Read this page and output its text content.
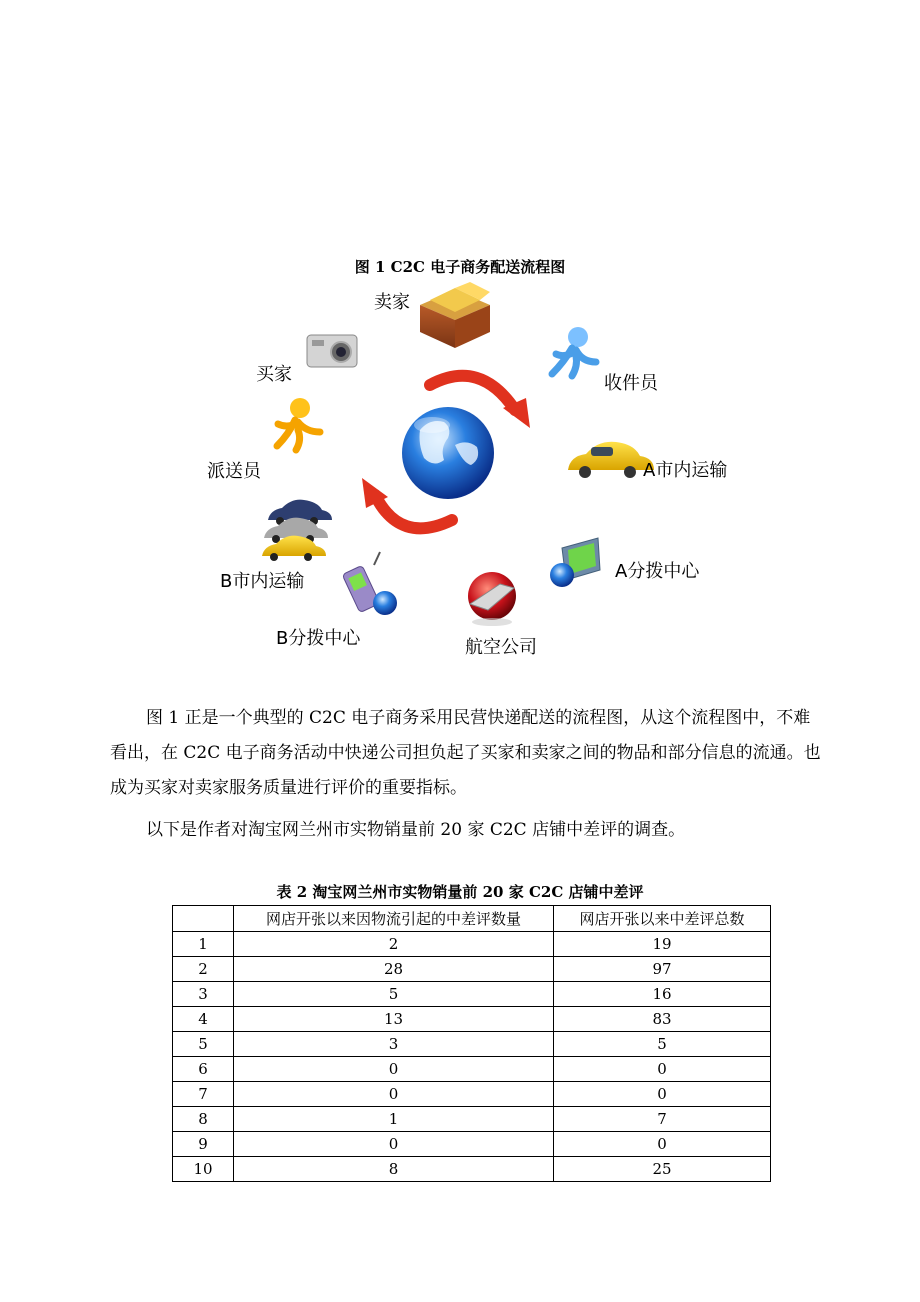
图 1 C2C 电子商务配送流程图
卖家
买家	收件员
派送员	A市内运输
B市内运输	A分拨中心
B分拨中心	航空公司

图 1 正是一个典型的 C2C 电子商务采用民营快递配送的流程图，从这个流程图中，不难看出，在 C2C 电子商务活动中快递公司担负起了买家和卖家之间的物品和部分信息的流通。也成为买家对卖家服务质量进行评价的重要指标。

以下是作者对淘宝网兰州市实物销量前 20 家 C2C 店铺中差评的调查。

表 2 淘宝网兰州市实物销量前 20 家 C2C 店铺中差评
	网店开张以来因物流引起的中差评数量	网店开张以来中差评总数
1	2	19
2	28	97
3	5	16
4	13	83
5	3	5
6	0	0
7	0	0
8	1	7
9	0	0
10	8	25
